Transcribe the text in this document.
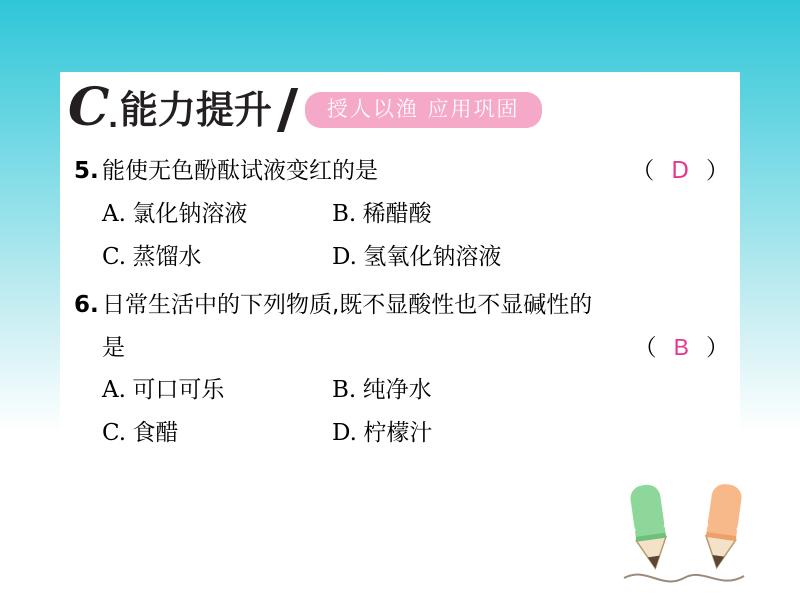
C . 能力提升	授人以渔 应用巩固
5. 能使无色酚酞试液变红的是	（ D ）
A. 氯化钠溶液	B. 稀醋酸
C. 蒸馏水	D. 氢氧化钠溶液
6. 日常生活中的下列物质,既不显酸性也不显碱性的
是	（ B ）
A. 可口可乐	B. 纯净水
C. 食醋	D. 柠檬汁
